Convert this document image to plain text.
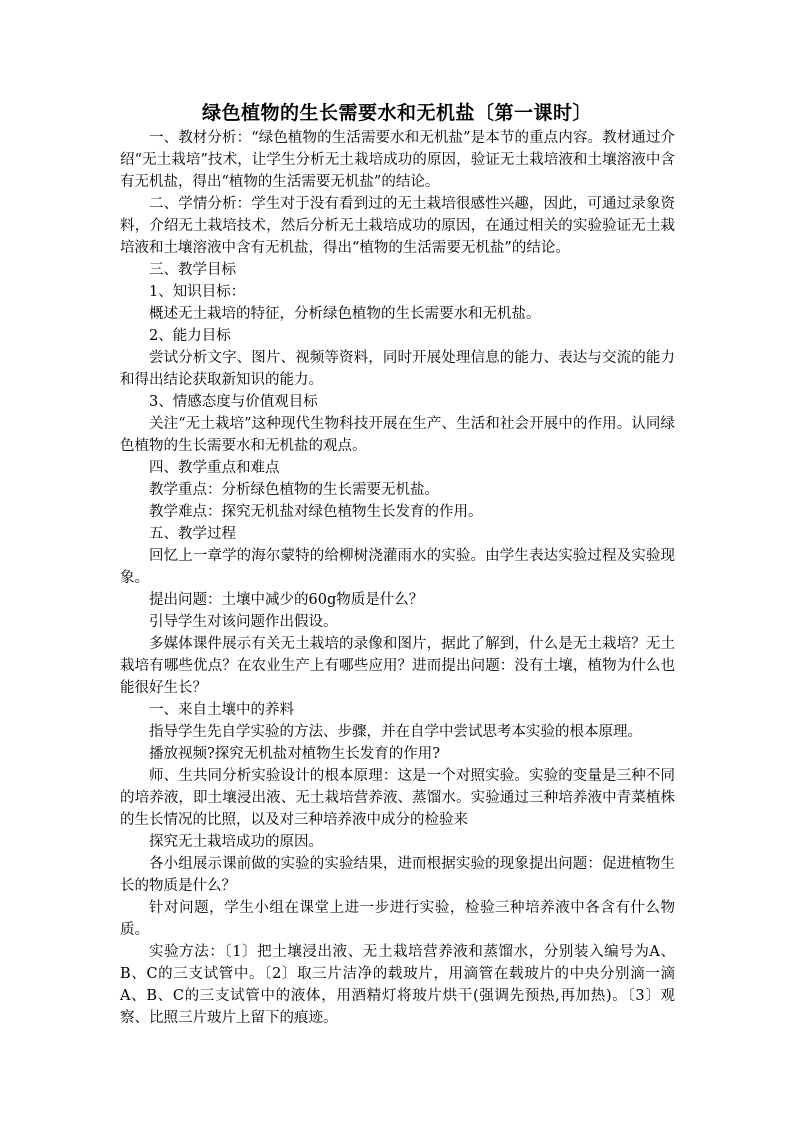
绿色植物的生长需要水和无机盐〔第一课时〕

一、教材分析：“绿色植物的生活需要水和无机盐”是本节的重点内容。教材通过介绍“无土栽培”技术，让学生分析无土栽培成功的原因，验证无土栽培液和土壤溶液中含有无机盐，得出“植物的生活需要无机盐”的结论。

二、学情分析：学生对于没有看到过的无土栽培很感性兴趣，因此，可通过录象资料，介绍无土栽培技术，然后分析无土栽培成功的原因，在通过相关的实验验证无土栽培液和土壤溶液中含有无机盐，得出“植物的生活需要无机盐”的结论。

三、教学目标

1、知识目标：

概述无土栽培的特征，分析绿色植物的生长需要水和无机盐。

2、能力目标

尝试分析文字、图片、视频等资料，同时开展处理信息的能力、表达与交流的能力和得出结论获取新知识的能力。

3、情感态度与价值观目标

关注“无土栽培”这种现代生物科技开展在生产、生活和社会开展中的作用。认同绿色植物的生长需要水和无机盐的观点。

四、教学重点和难点

教学重点：分析绿色植物的生长需要无机盐。

教学难点：探究无机盐对绿色植物生长发育的作用。

五、教学过程

回忆上一章学的海尔蒙特的给柳树浇灌雨水的实验。由学生表达实验过程及实验现象。

提出问题：土壤中减少的60g物质是什么？

引导学生对该问题作出假设。

多媒体课件展示有关无土栽培的录像和图片，据此了解到，什么是无土栽培？无土栽培有哪些优点？在农业生产上有哪些应用？进而提出问题：没有土壤，植物为什么也能很好生长？

一、来自土壤中的养料

指导学生先自学实验的方法、步骤，并在自学中尝试思考本实验的根本原理。

播放视频?探究无机盐对植物生长发育的作用?

师、生共同分析实验设计的根本原理：这是一个对照实验。实验的变量是三种不同的培养液，即土壤浸出液、无土栽培营养液、蒸馏水。实验通过三种培养液中青菜植株的生长情况的比照，以及对三种培养液中成分的检验来

探究无土栽培成功的原因。

各小组展示课前做的实验的实验结果，进而根据实验的现象提出问题：促进植物生长的物质是什么？

针对问题，学生小组在课堂上进一步进行实验，检验三种培养液中各含有什么物质。

实验方法：〔1〕把土壤浸出液、无土栽培营养液和蒸馏水，分别装入编号为A、B、C的三支试管中。〔2〕取三片洁净的载玻片，用滴管在载玻片的中央分别滴一滴A、B、C的三支试管中的液体，用酒精灯将玻片烘干(强调先预热,再加热)。〔3〕观察、比照三片玻片上留下的痕迹。
